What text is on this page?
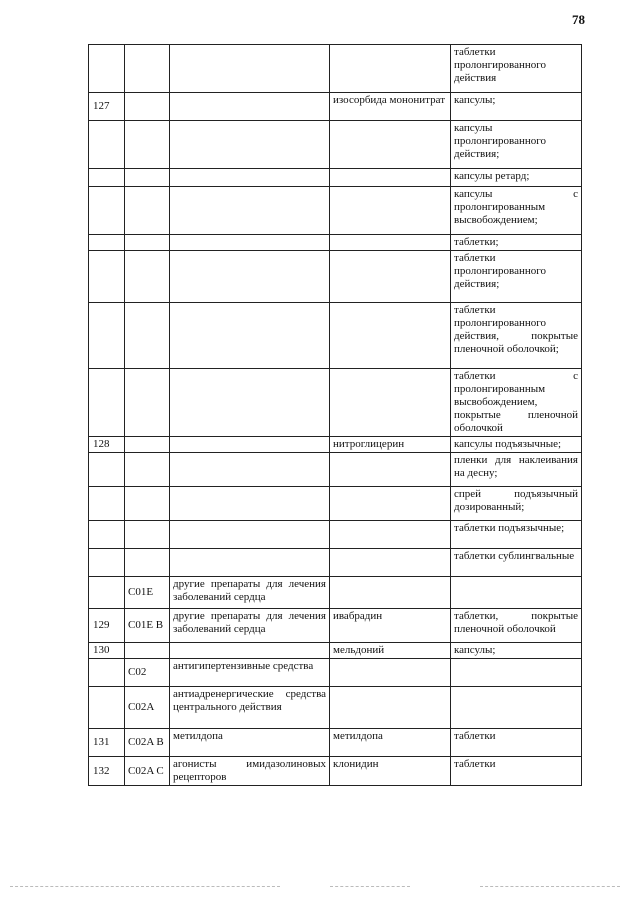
78
				таблетки пролонгированного действия
127			изосорбида мононитрат	капсулы;
				капсулы пролонгированного действия;
				капсулы ретард;
				капсулы с пролонгированным высвобождением;
				таблетки;
				таблетки пролонгированного действия;
				таблетки пролонгированного действия, покрытые пленочной оболочкой;
				таблетки с пролонгированным высвобождением, покрытые пленочной оболочкой
128			нитроглицерин	капсулы подъязычные;
				пленки для наклеивания на десну;
				спрей подъязычный дозированный;
				таблетки подъязычные;
				таблетки сублингвальные
	C01E	другие препараты для лечения заболеваний сердца		
129	C01E B	другие препараты для лечения заболеваний сердца	ивабрадин	таблетки, покрытые пленочной оболочкой
130			мельдоний	капсулы;
	C02	антигипертензивные средства		
	C02A	антиадренергические средства центрального действия		
131	C02A B	метилдопа	метилдопа	таблетки
132	C02A C	агонисты имидазолиновых рецепторов	клонидин	таблетки
